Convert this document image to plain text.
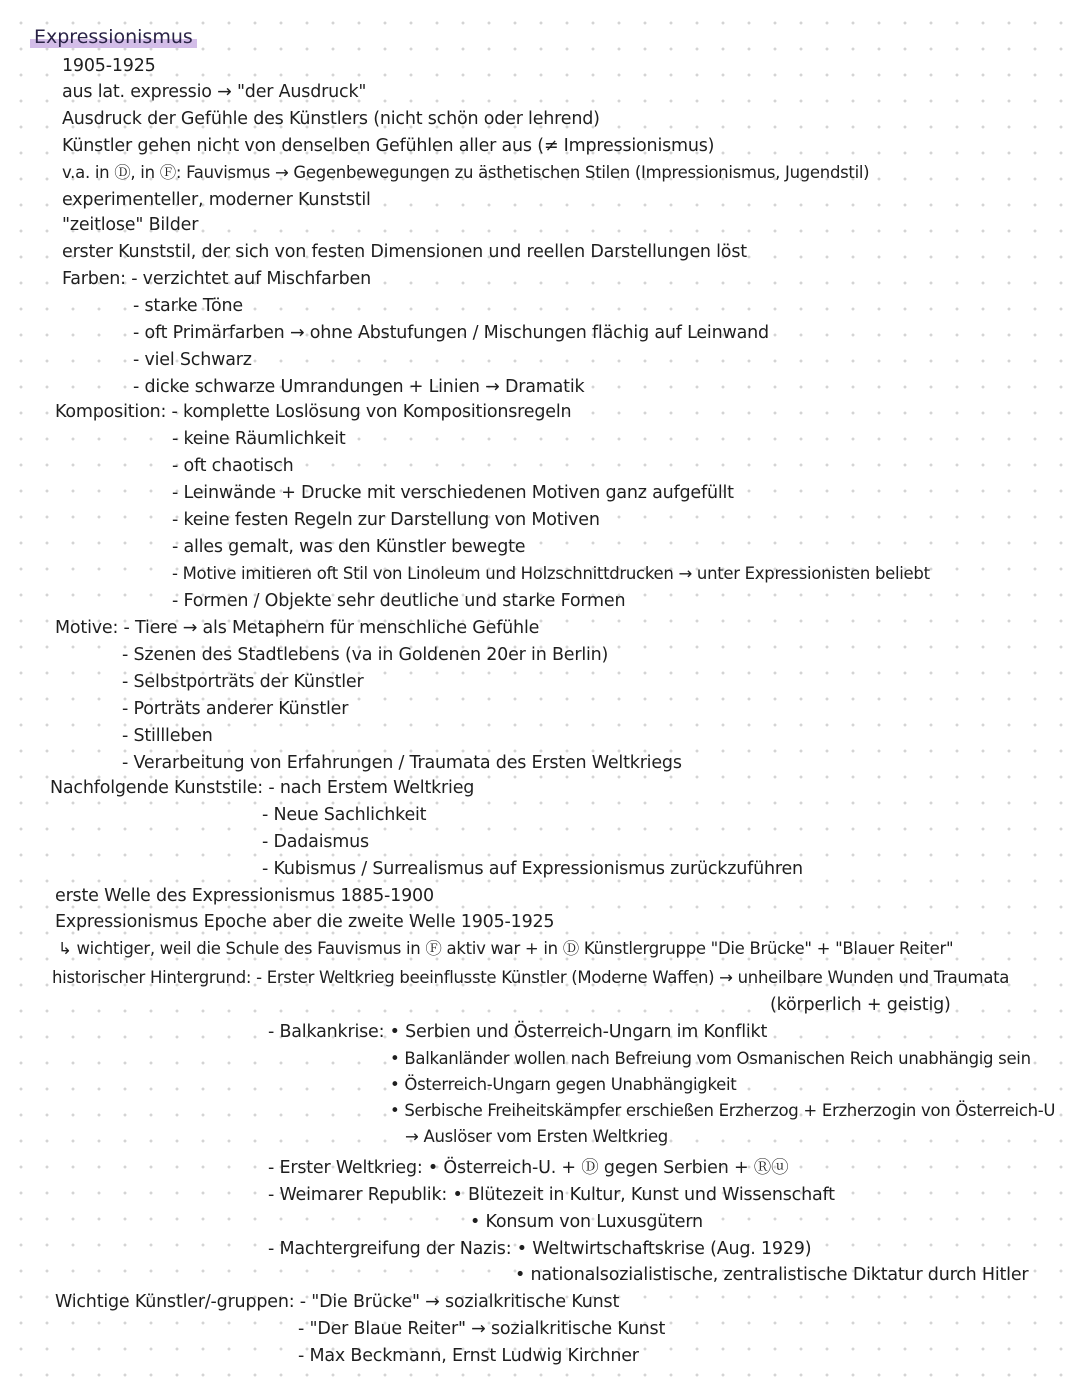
Expressionismus
1905-1925
aus lat. expressio → "der Ausdruck"
Ausdruck der Gefühle des Künstlers (nicht schön oder lehrend)
Künstler gehen nicht von denselben Gefühlen aller aus (≠ Impressionismus)
v.a. in Ⓓ, in Ⓕ: Fauvismus → Gegenbewegungen zu ästhetischen Stilen (Impressionismus, Jugendstil)
experimenteller, moderner Kunststil
"zeitlose" Bilder
erster Kunststil, der sich von festen Dimensionen und reellen Darstellungen löst
Farben: - verzichtet auf Mischfarben
- starke Töne
- oft Primärfarben → ohne Abstufungen / Mischungen flächig auf Leinwand
- viel Schwarz
- dicke schwarze Umrandungen + Linien → Dramatik
Komposition: - komplette Loslösung von Kompositionsregeln
- keine Räumlichkeit
- oft chaotisch
- Leinwände + Drucke mit verschiedenen Motiven ganz aufgefüllt
- keine festen Regeln zur Darstellung von Motiven
- alles gemalt, was den Künstler bewegte
- Motive imitieren oft Stil von Linoleum und Holzschnittdrucken → unter Expressionisten beliebt
- Formen / Objekte sehr deutliche und starke Formen
Motive: - Tiere → als Metaphern für menschliche Gefühle
- Szenen des Stadtlebens (va in Goldenen 20er in Berlin)
- Selbstporträts der Künstler
- Porträts anderer Künstler
- Stillleben
- Verarbeitung von Erfahrungen / Traumata des Ersten Weltkriegs
Nachfolgende Kunststile: - nach Erstem Weltkrieg
- Neue Sachlichkeit
- Dadaismus
- Kubismus / Surrealismus auf Expressionismus zurückzuführen
erste Welle des Expressionismus 1885-1900
Expressionismus Epoche aber die zweite Welle 1905-1925
↳ wichtiger, weil die Schule des Fauvismus in Ⓕ aktiv war + in Ⓓ Künstlergruppe "Die Brücke" + "Blauer Reiter"
historischer Hintergrund: - Erster Weltkrieg beeinflusste Künstler (Moderne Waffen) → unheilbare Wunden und Traumata
(körperlich + geistig)
- Balkankrise: • Serbien und Österreich-Ungarn im Konflikt
• Balkanländer wollen nach Befreiung vom Osmanischen Reich unabhängig sein
• Österreich-Ungarn gegen Unabhängigkeit
• Serbische Freiheitskämpfer erschießen Erzherzog + Erzherzogin von Österreich-U
→ Auslöser vom Ersten Weltkrieg
- Erster Weltkrieg: • Österreich-U. + Ⓓ gegen Serbien + Ⓡⓤ
- Weimarer Republik: • Blütezeit in Kultur, Kunst und Wissenschaft
• Konsum von Luxusgütern
- Machtergreifung der Nazis: • Weltwirtschaftskrise (Aug. 1929)
• nationalsozialistische, zentralistische Diktatur durch Hitler
Wichtige Künstler/-gruppen: - "Die Brücke" → sozialkritische Kunst
- "Der Blaue Reiter" → sozialkritische Kunst
- Max Beckmann, Ernst Ludwig Kirchner
